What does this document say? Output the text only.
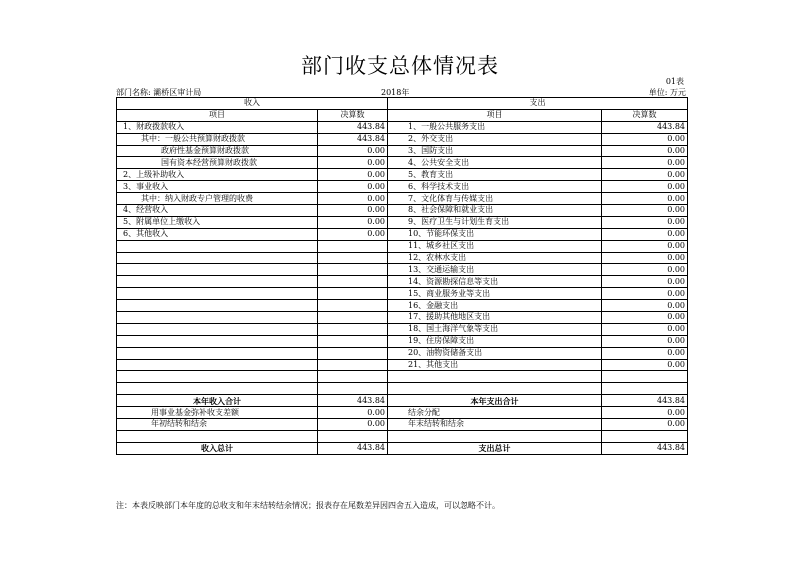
部门收支总体情况表
01表
部门名称: 灞桥区审计局	2018年	单位: 万元
收入		支出	
项目	决算数	项目	决算数
1、财政拨款收入	443.84	1、一般公共服务支出	443.84
其中：一般公共预算财政拨款	443.84	2、外交支出	0.00
政府性基金预算财政拨款	0.00	3、国防支出	0.00
国有资本经营预算财政拨款	0.00	4、公共安全支出	0.00
2、上级补助收入	0.00	5、教育支出	0.00
3、事业收入	0.00	6、科学技术支出	0.00
其中：纳入财政专户管理的收费	0.00	7、文化体育与传媒支出	0.00
4、经营收入	0.00	8、社会保障和就业支出	0.00
5、附属单位上缴收入	0.00	9、医疗卫生与计划生育支出	0.00
6、其他收入	0.00	10、节能环保支出	0.00
		11、城乡社区支出	0.00
		12、农林水支出	0.00
		13、交通运输支出	0.00
		14、资源勘探信息等支出	0.00
		15、商业服务业等支出	0.00
		16、金融支出	0.00
		17、援助其他地区支出	0.00
		18、国土海洋气象等支出	0.00
		19、住房保障支出	0.00
		20、油物资储备支出	0.00
		21、其他支出	0.00

本年收入合计	443.84	本年支出合计	443.84
用事业基金弥补收支差额	0.00	结余分配	0.00
年初结转和结余	0.00	年末结转和结余	0.00

收入总计	443.84	支出总计	443.84
注：本表反映部门本年度的总收支和年末结转结余情况；报表存在尾数差异因四舍五入造成，可以忽略不计。
